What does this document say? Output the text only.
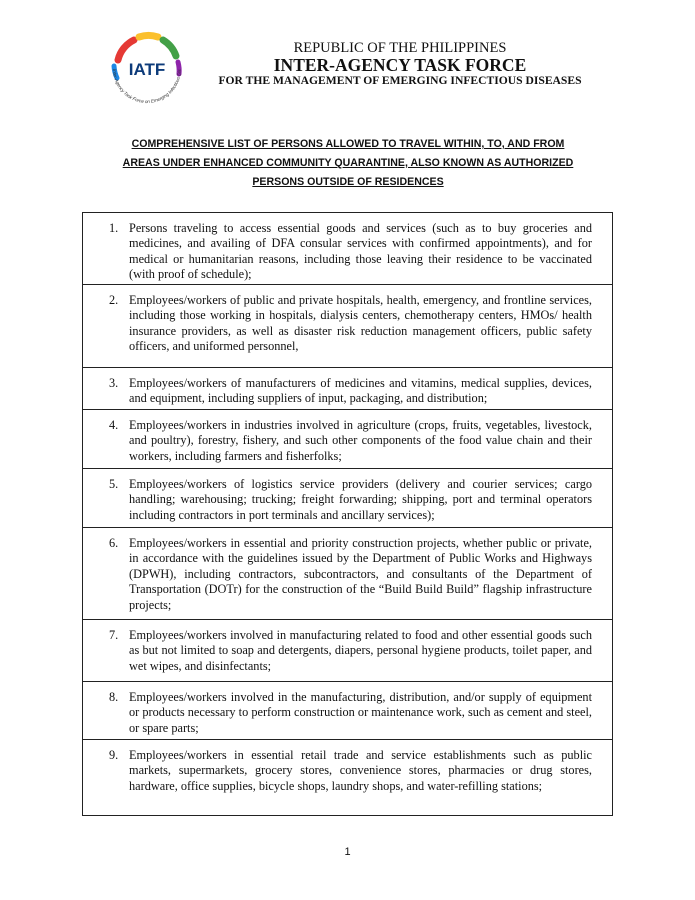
IATF
Inter-Agency Task Force on Emerging Infectious Dis
REPUBLIC OF THE PHILIPPINES
INTER-AGENCY TASK FORCE
FOR THE MANAGEMENT OF EMERGING INFECTIOUS DISEASES
COMPREHENSIVE LIST OF PERSONS ALLOWED TO TRAVEL WITHIN, TO, AND FROM
AREAS UNDER ENHANCED COMMUNITY QUARANTINE, ALSO KNOWN AS AUTHORIZED
PERSONS OUTSIDE OF RESIDENCES
1. Persons traveling to access essential goods and services (such as to buy groceries and medicines, and availing of DFA consular services with confirmed appointments), and for medical or humanitarian reasons, including those leaving their residence to be vaccinated (with proof of schedule);
2. Employees/workers of public and private hospitals, health, emergency, and frontline services, including those working in hospitals, dialysis centers, chemotherapy centers, HMOs/ health insurance providers, as well as disaster risk reduction management officers, public safety officers, and uniformed personnel,
3. Employees/workers of manufacturers of medicines and vitamins, medical supplies, devices, and equipment, including suppliers of input, packaging, and distribution;
4. Employees/workers in industries involved in agriculture (crops, fruits, vegetables, livestock, and poultry), forestry, fishery, and such other components of the food value chain and their workers, including farmers and fisherfolks;
5. Employees/workers of logistics service providers (delivery and courier services; cargo handling; warehousing; trucking; freight forwarding; shipping, port and terminal operators including contractors in port terminals and ancillary services);
6. Employees/workers in essential and priority construction projects, whether public or private, in accordance with the guidelines issued by the Department of Public Works and Highways (DPWH), including contractors, subcontractors, and consultants of the Department of Transportation (DOTr) for the construction of the “Build Build Build” flagship infrastructure projects;
7. Employees/workers involved in manufacturing related to food and other essential goods such as but not limited to soap and detergents, diapers, personal hygiene products, toilet paper, and wet wipes, and disinfectants;
8. Employees/workers involved in the manufacturing, distribution, and/or supply of equipment or products necessary to perform construction or maintenance work, such as cement and steel, or spare parts;
9. Employees/workers in essential retail trade and service establishments such as public markets, supermarkets, grocery stores, convenience stores, pharmacies or drug stores, hardware, office supplies, bicycle shops, laundry shops, and water-refilling stations;
1
